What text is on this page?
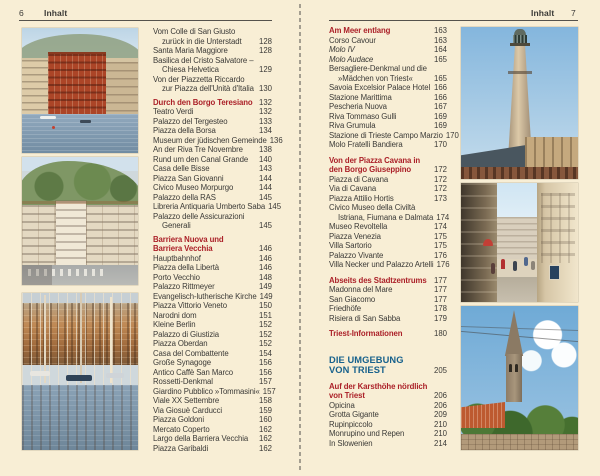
6 Inhalt
Vom Colle di San Giusto
zurück in die Unterstadt	128
Santa Maria Maggiore	128
Basilica del Cristo Salvatore –
Chiesa Helvetica	129
Von der Piazzetta Riccardo
zur Piazza dell'Unità d'Italia 130
Durch den Borgo Teresiano 132
Teatro Verdi	132
Palazzo del Tergesteo	133
Piazza della Borsa	134
Museum der jüdischen Gemeinde 136
An der Riva Tre Novembre	138
Rund um den Canal Grande	140
Casa delle Bisse	143
Piazza San Giovanni	144
Civico Museo Morpurgo	144
Palazzo della RAS	145
Libreria Antiquaria Umberto Saba 145
Palazzo delle Assicurazioni
Generali	145
Barriera Nuova und
Barriera Vecchia	146
Hauptbahnhof	146
Piazza della Libertà	146
Porto Vecchio	148
Palazzo Rittmeyer	149
Evangelisch-lutherische Kirche 149
Piazza Vittorio Veneto	150
Narodni dom	151
Kleine Berlin	152
Palazzo di Giustizia	152
Piazza Oberdan	152
Casa del Combattente	154
Große Synagoge	156
Antico Caffè San Marco	156
Rossetti-Denkmal	157
Giardino Pubblico »Tommasini« 157
Viale XX Settembre	158
Via Giosuè Carducci	159
Piazza Goldoni	160
Mercato Coperto	162
Largo della Barriera Vecchia	162
Piazza Garibaldi	162
Inhalt 7
Am Meer entlang	163
Corso Cavour	163
Molo IV	164
Molo Audace	165
Bersagliere-Denkmal und die
»Mädchen von Triest«	165
Savoia Excelsior Palace Hotel 166
Stazione Marittima	166
Pescheria Nuova	167
Riva Tommaso Gulli	169
Riva Grumula	169
Stazione di Trieste Campo Marzio 170
Molo Fratelli Bandiera	170
Von der Piazza Cavana in
den Borgo Giuseppino	172
Piazza di Cavana	172
Via di Cavana	172
Piazza Attilio Hortis	173
Civico Museo della Civiltà
Istriana, Fiumana e Dalmata 174
Museo Revoltella	174
Piazza Venezia	175
Villa Sartorio	175
Palazzo Vivante	176
Villa Necker und Palazzo Artelli 176
Abseits des Stadtzentrums 177
Madonna del Mare	177
San Giacomo	177
Friedhöfe	178
Risiera di San Sabba	179
Triest-Informationen	180
DIE UMGEBUNG
VON TRIEST	205
Auf der Karsthöhe nördlich
von Triest	206
Opicina	206
Grotta Gigante	209
Rupinpiccolo	210
Monrupino und Repen	210
In Slowenien	214
